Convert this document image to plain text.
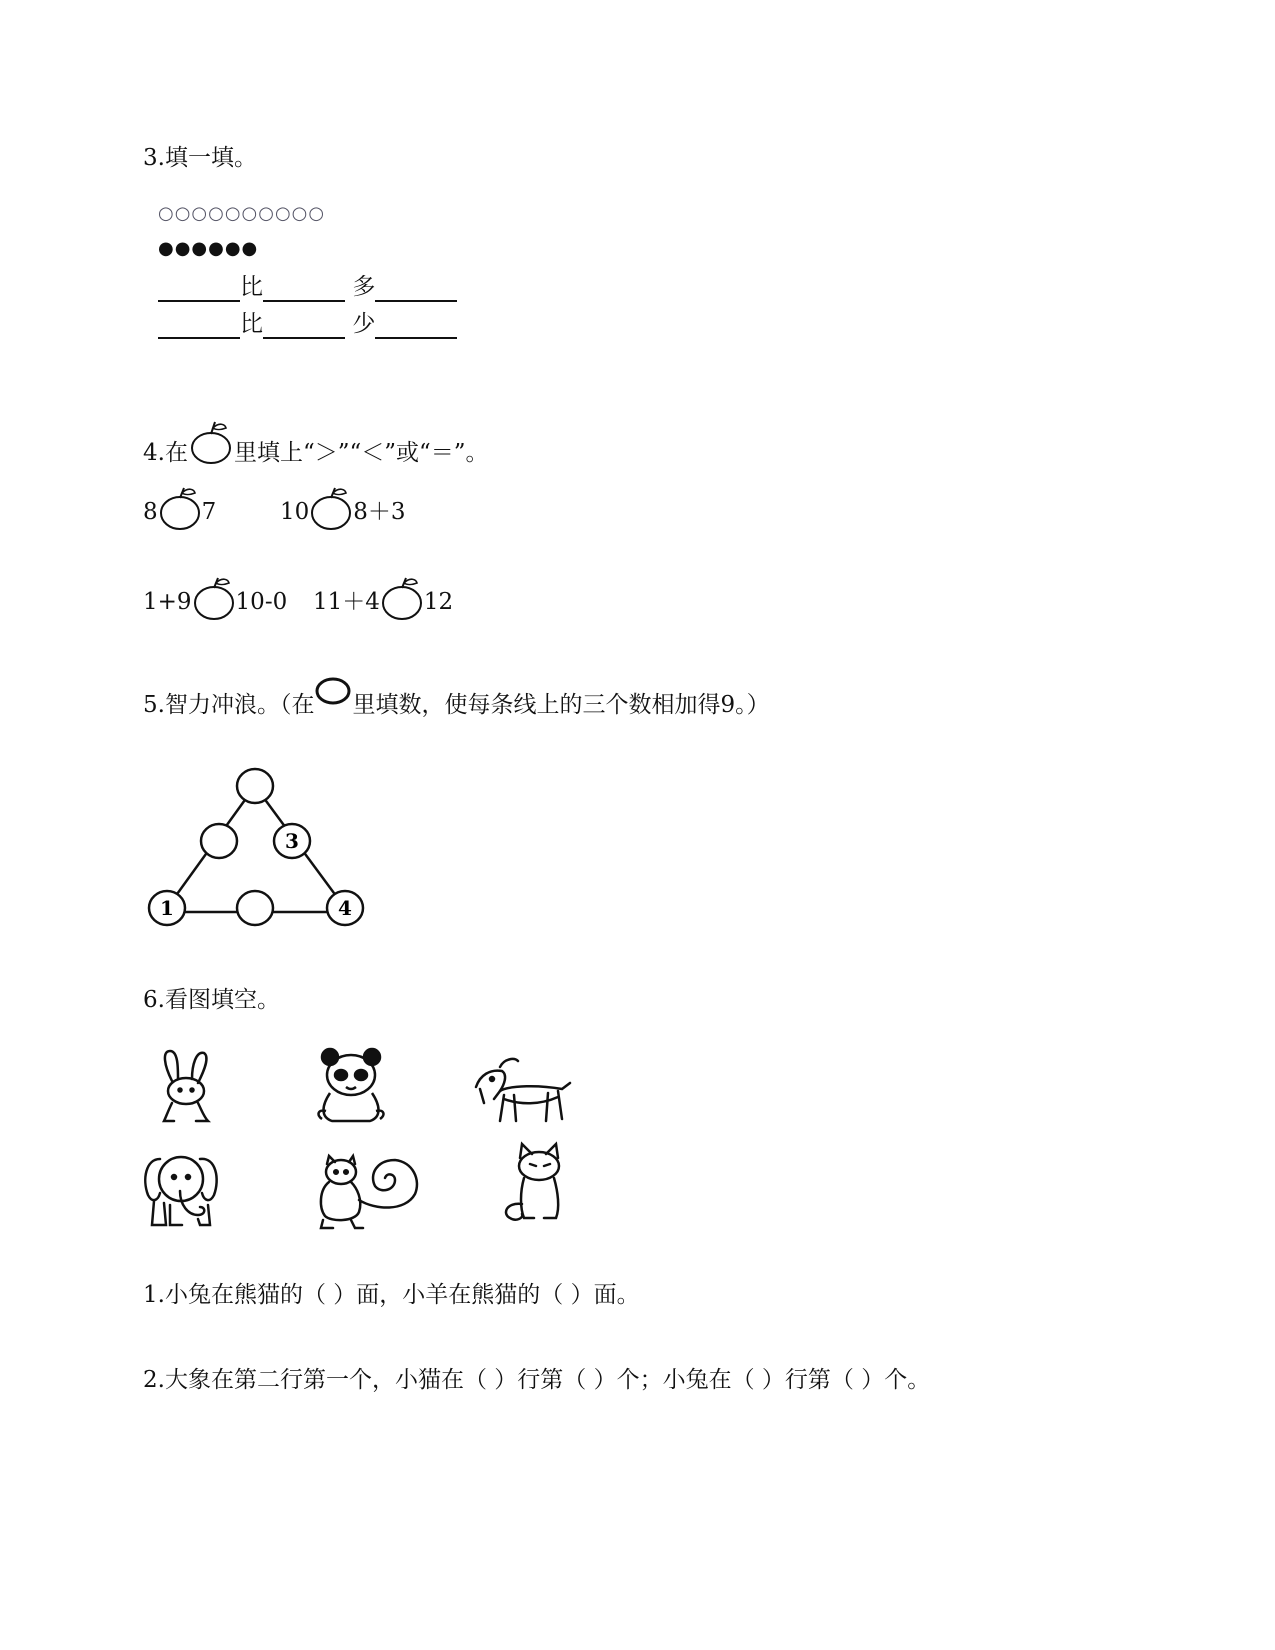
3.填一填。
○○○○○○○○○○
●●●●●●
比	多
比	少
4.在 里填上“＞”“＜”或“＝”。
8 7	10 8＋3
1+9 10-0 11＋4 12
5.智力冲浪。（在 里填数，使每条线上的三个数相加得9。）
3
1	4
6.看图填空。
1.小兔在熊猫的（ ）面，小羊在熊猫的（ ）面。
2.大象在第二行第一个，小猫在（ ）行第（ ）个；小兔在（ ）行第（ ）个。
